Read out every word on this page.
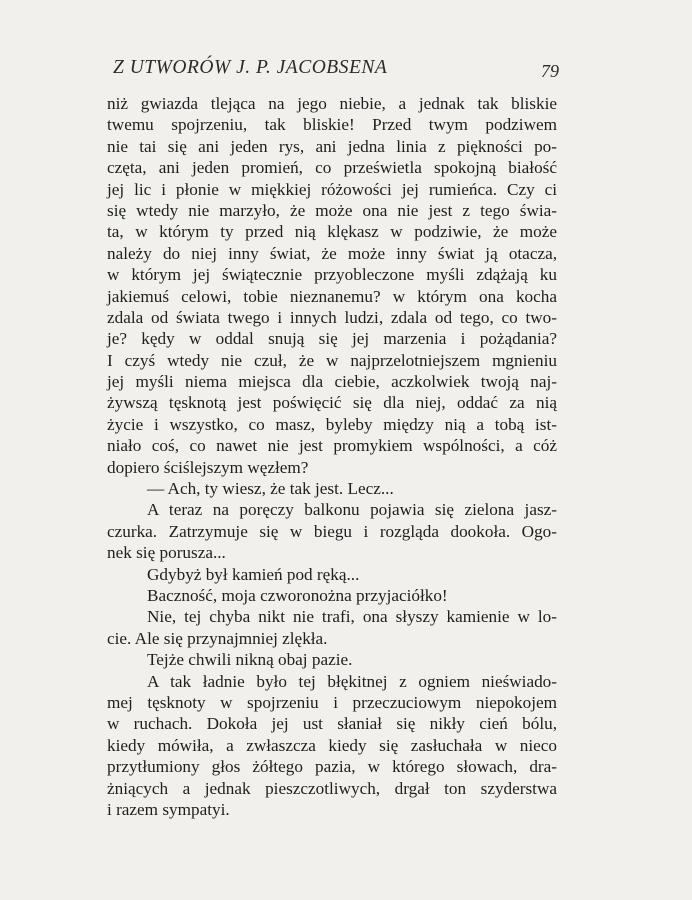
Z UTWORÓW J. P. JACOBSENA	79
niż gwiazda tlejąca na jego niebie, a jednak tak bliskie
twemu spojrzeniu, tak bliskie! Przed twym podziwem
nie tai się ani jeden rys, ani jedna linia z piękności po-
częta, ani jeden promień, co prześwietla spokojną białość
jej lic i płonie w miękkiej różowości jej rumieńca. Czy ci
się wtedy nie marzyło, że może ona nie jest z tego świa-
ta, w którym ty przed nią klękasz w podziwie, że może
należy do niej inny świat, że może inny świat ją otacza,
w którym jej świątecznie przyobleczone myśli zdążają ku
jakiemuś celowi, tobie nieznanemu? w którym ona kocha
zdala od świata twego i innych ludzi, zdala od tego, co two-
je? kędy w oddal snują się jej marzenia i pożądania?
I czyś wtedy nie czuł, że w najprzelotniejszem mgnieniu
jej myśli niema miejsca dla ciebie, aczkolwiek twoją naj-
żywszą tęsknotą jest poświęcić się dla niej, oddać za nią
życie i wszystko, co masz, byleby między nią a tobą ist-
niało coś, co nawet nie jest promykiem wspólności, a cóż
dopiero ściślejszym węzłem?
— Ach, ty wiesz, że tak jest. Lecz...
A teraz na poręczy balkonu pojawia się zielona jasz-
czurka. Zatrzymuje się w biegu i rozgląda dookoła. Ogo-
nek się porusza...
Gdybyż był kamień pod ręką...
Baczność, moja czworonożna przyjaciółko!
Nie, tej chyba nikt nie trafi, ona słyszy kamienie w lo-
cie. Ale się przynajmniej zlękła.
Tejże chwili nikną obaj pazie.
A tak ładnie było tej błękitnej z ogniem nieświado-
mej tęsknoty w spojrzeniu i przeczuciowym niepokojem
w ruchach. Dokoła jej ust słaniał się nikły cień bólu,
kiedy mówiła, a zwłaszcza kiedy się zasłuchała w nieco
przytłumiony głos żółtego pazia, w którego słowach, dra-
żniących a jednak pieszczotliwych, drgał ton szyderstwa
i razem sympatyi.
